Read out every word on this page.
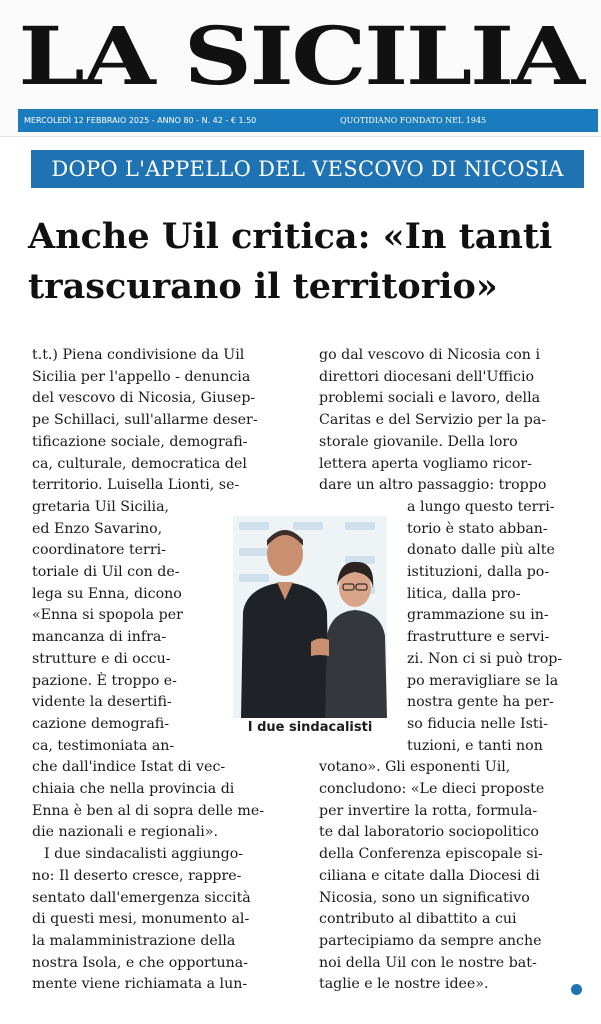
LA SICILIA
MERCOLEDÌ 12 FEBBRAIO 2025 - ANNO 80 - N. 42 - € 1.50	QUOTIDIANO FONDATO NEL 1945
DOPO L'APPELLO DEL VESCOVO DI NICOSIA
Anche Uil critica: «In tanti trascurano il territorio»
t.t.) Piena condivisione da Uil
Sicilia per l'appello - denuncia
del vescovo di Nicosia, Giusep-
pe Schillaci, sull'allarme deser-
tificazione sociale, demografi-
ca, culturale, democratica del
territorio. Luisella Lionti, se-
gretaria Uil Sicilia,
ed Enzo Savarino,
coordinatore terri-
toriale di Uil con de-
lega su Enna, dicono
«Enna si spopola per
mancanza di infra-
strutture e di occu-
pazione. È troppo e-
vidente la desertifi-
cazione demografi-
ca, testimoniata an-
che dall'indice Istat di vec-
chiaia che nella provincia di
Enna è ben al di sopra delle me-
die nazionali e regionali».
I due sindacalisti aggiungo-
no: Il deserto cresce, rappre-
sentato dall'emergenza siccità
di questi mesi, monumento al-
la malamministrazione della
nostra Isola, e che opportuna-
mente viene richiamata a lun-
go dal vescovo di Nicosia con i
direttori diocesani dell'Ufficio
problemi sociali e lavoro, della
Caritas e del Servizio per la pa-
storale giovanile. Della loro
lettera aperta vogliamo ricor-
dare un altro passaggio: troppo
a lungo questo terri-
torio è stato abban-
donato dalle più alte
istituzioni, dalla po-
litica, dalla pro-
grammazione su in-
frastrutture e servi-
zi. Non ci si può trop-
po meravigliare se la
nostra gente ha per-
so fiducia nelle Isti-
tuzioni, e tanti non
votano». Gli esponenti Uil,
concludono: «Le dieci proposte
per invertire la rotta, formula-
te dal laboratorio sociopolitico
della Conferenza episcopale si-
ciliana e citate dalla Diocesi di
Nicosia, sono un significativo
contributo al dibattito a cui
partecipiamo da sempre anche
noi della Uil con le nostre bat-
taglie e le nostre idee».
I due sindacalisti
